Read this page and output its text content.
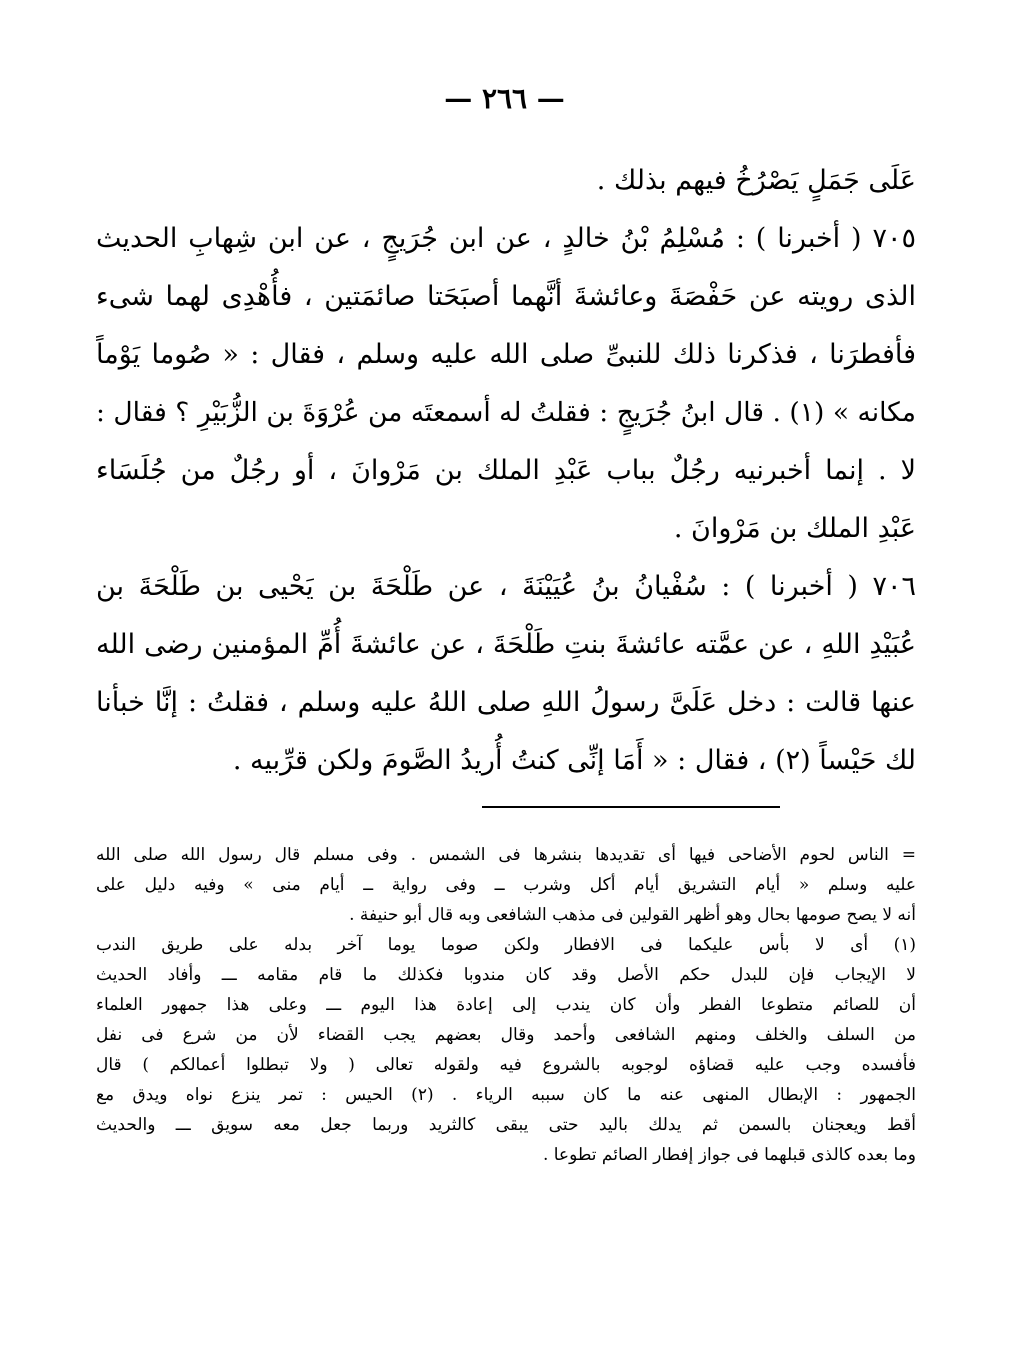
— ٢٦٦ —
عَلَى جَمَلٍ يَصْرُخُ فيهم بذلك .
٧٠٥ ( أخبرنا ) : مُسْلِمُ بْنُ خالدٍ ، عن ابن جُرَيجٍ ، عن ابن شِهابِ الحديث
الذى رويته عن حَفْصَةَ وعائشةَ أنَّهما أصبَحَتا صائمَتين ، فأُهْدِى لهما شىء
فأفطرَنا ، فذكرنا ذلك للنبىِّ صلى الله عليه وسلم ، فقال : « صُوما يَوْماً
مكانه » (١) . قال ابنُ جُرَيجٍ : فقلتُ له أسمعتَه من عُرْوَةَ بن الزُّبَيْرِ ؟ فقال :
لا . إنما أخبرنيه رجُلٌ بباب عَبْدِ الملك بن مَرْوانَ ، أو رجُلٌ من جُلَسَاء
عَبْدِ الملك بن مَرْوانَ .
٧٠٦ ( أخبرنا ) : سُفْيانُ بنُ عُيَيْنَةَ ، عن طَلْحَةَ بن يَحْيى بن طَلْحَةَ بن
عُبَيْدِ اللهِ ، عن عمَّته عائشةَ بنتِ طَلْحَةَ ، عن عائشةَ أُمِّ المؤمنين رضى الله
عنها قالت : دخل عَلَىَّ رسولُ اللهِ صلى اللهُ عليه وسلم ، فقلتُ : إنَّا خبأنا
لك حَيْساً (٢) ، فقال : « أَمَا إنِّى كنتُ أُريدُ الصَّومَ ولكن قرِّبيه .
= الناس لحوم الأضاحى فيها أى تقديدها بنشرها فى الشمس . وفى مسلم قال رسول الله صلى الله
عليه وسلم « أيام التشريق أيام أكل وشرب ــ وفى رواية ــ أيام منى » وفيه دليل على
أنه لا يصح صومها بحال وهو أظهر القولين فى مذهب الشافعى وبه قال أبو حنيفة .
(١) أى لا بأس عليكما فى الافطار ولكن صوما يوما آخر بدله على طريق الندب
لا الإيجاب فإن للبدل حكم الأصل وقد كان مندوبا فكذلك ما قام مقامه ـــ وأفاد الحديث
أن للصائم متطوعا الفطر وأن كان يندب إلى إعادة هذا اليوم ـــ وعلى هذا جمهور العلماء
من السلف والخلف ومنهم الشافعى وأحمد وقال بعضهم يجب القضاء لأن من شرع فى نفل
فأفسده وجب عليه قضاؤه لوجوبه بالشروع فيه ولقوله تعالى ( ولا تبطلوا أعمالكم ) قال
الجمهور : الإبطال المنهى عنه ما كان سببه الرياء . (٢) الحيس : تمر ينزع نواه ويدق مع
أقط ويعجنان بالسمن ثم يدلك باليد حتى يبقى كالثريد وربما جعل معه سويق ـــ والحديث
وما بعده كالذى قبلهما فى جواز إفطار الصائم تطوعا .
